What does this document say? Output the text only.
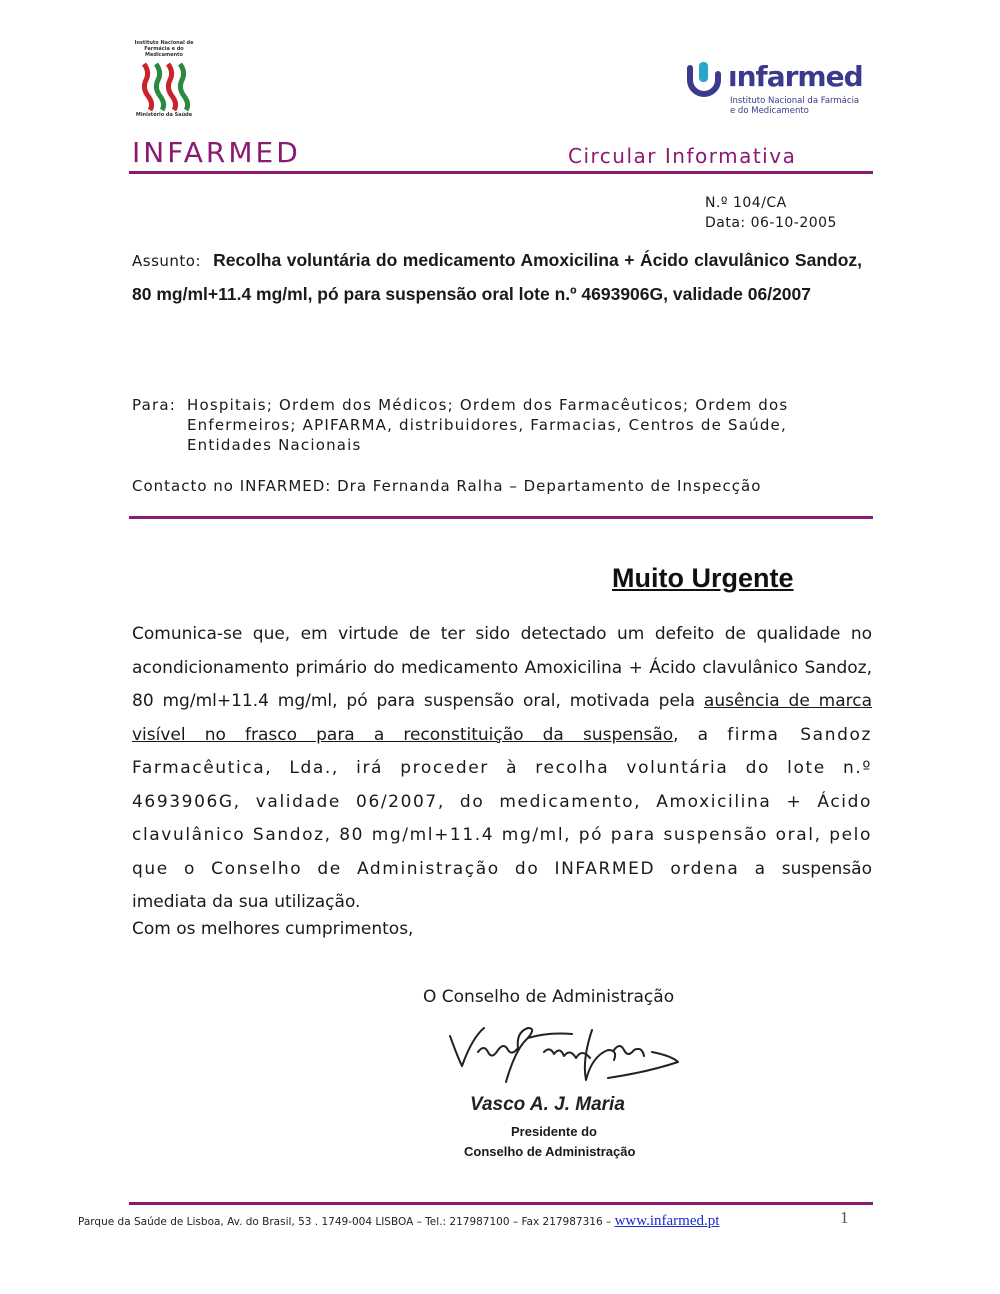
Instituto Nacional de Farmácia e do Medicamento
Ministério da Saúde
ınfarmed
Instituto Nacional da Farmácia
e do Medicamento
INFARMED	Circular Informativa
N.º 104/CA
Data: 06-10-2005
Assunto: Recolha voluntária do medicamento Amoxicilina + Ácido clavulânico Sandoz, 80 mg/ml+11.4 mg/ml, pó para suspensão oral lote n.º 4693906G, validade 06/2007
Para: Hospitais; Ordem dos Médicos; Ordem dos Farmacêuticos; Ordem dos Enfermeiros; APIFARMA, distribuidores, Farmacias, Centros de Saúde, Entidades Nacionais
Contacto no INFARMED: Dra Fernanda Ralha – Departamento de Inspecção
Muito Urgente
Comunica-se que, em virtude de ter sido detectado um defeito de qualidade no acondicionamento primário do medicamento Amoxicilina + Ácido clavulânico Sandoz, 80 mg/ml+11.4 mg/ml, pó para suspensão oral, motivada pela ausência de marca visível no frasco para a reconstituição da suspensão, a firma Sandoz Farmacêutica, Lda., irá proceder à recolha voluntária do lote n.º 4693906G, validade 06/2007, do medicamento, Amoxicilina + Ácido clavulânico Sandoz, 80 mg/ml+11.4 mg/ml, pó para suspensão oral, pelo que o Conselho de Administração do INFARMED ordena a suspensão imediata da sua utilização.
Com os melhores cumprimentos,
O Conselho de Administração
Vasco A. J. Maria
Presidente do
Conselho de Administração
Parque da Saúde de Lisboa, Av. do Brasil, 53 . 1749-004 LISBOA – Tel.: 217987100 – Fax 217987316 – www.infarmed.pt	1
